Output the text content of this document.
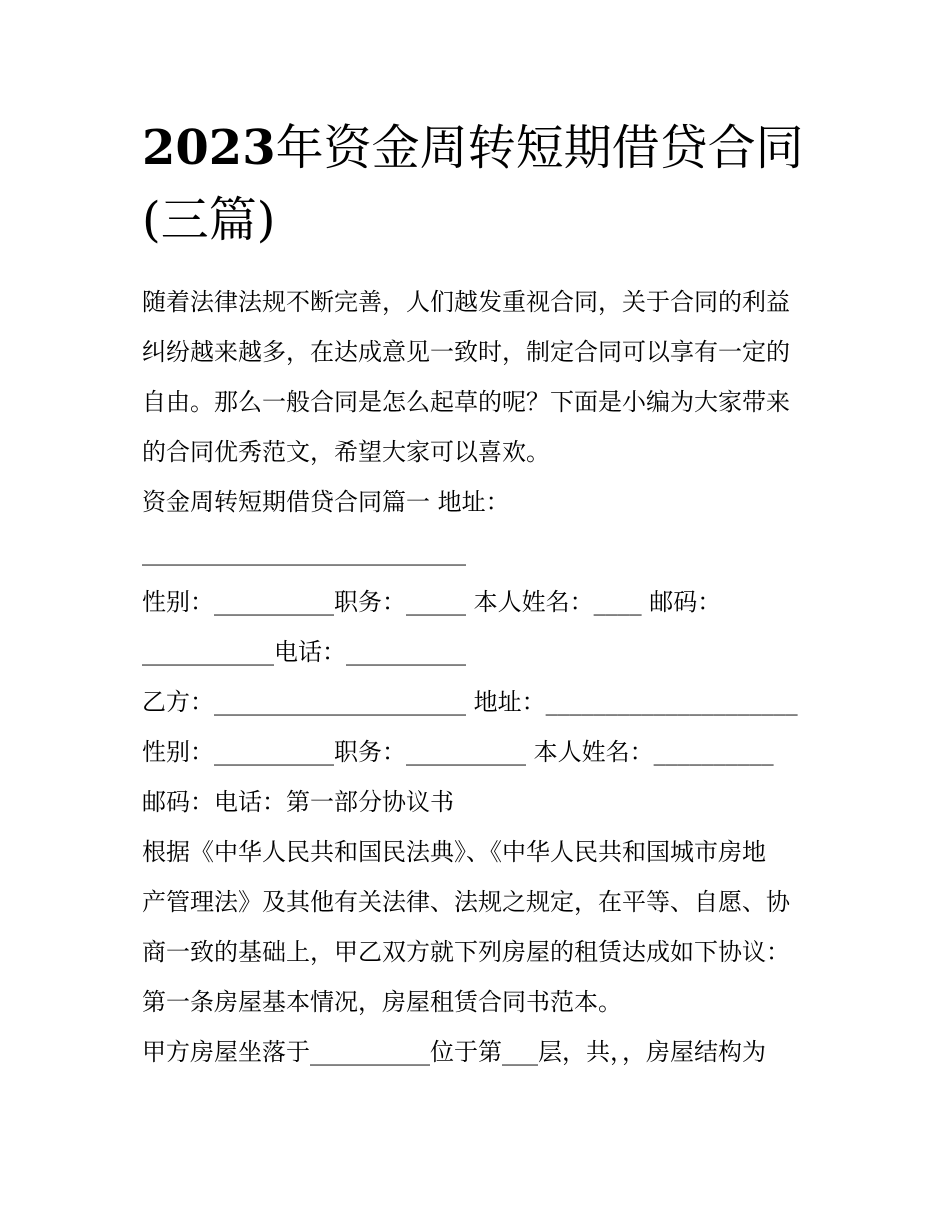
2023年资金周转短期借贷合同
(三篇)
随着法律法规不断完善，人们越发重视合同，关于合同的利益
纠纷越来越多，在达成意见一致时，制定合同可以享有一定的
自由。那么一般合同是怎么起草的呢？下面是小编为大家带来
的合同优秀范文，希望大家可以喜欢。
资金周转短期借贷合同篇一 地址：
___________________________
性别：__________职务：_____ 本人姓名：____ 邮码：
___________电话：__________
乙方：_____________________ 地址：_____________________
性别：__________职务：__________ 本人姓名：__________
邮码：电话：第一部分协议书
根据《中华人民共和国民法典》、《中华人民共和国城市房地
产管理法》及其他有关法律、法规之规定，在平等、自愿、协
商一致的基础上，甲乙双方就下列房屋的租赁达成如下协议：
第一条房屋基本情况，房屋租赁合同书范本。
甲方房屋坐落于__________位于第___层，共，，房屋结构为
